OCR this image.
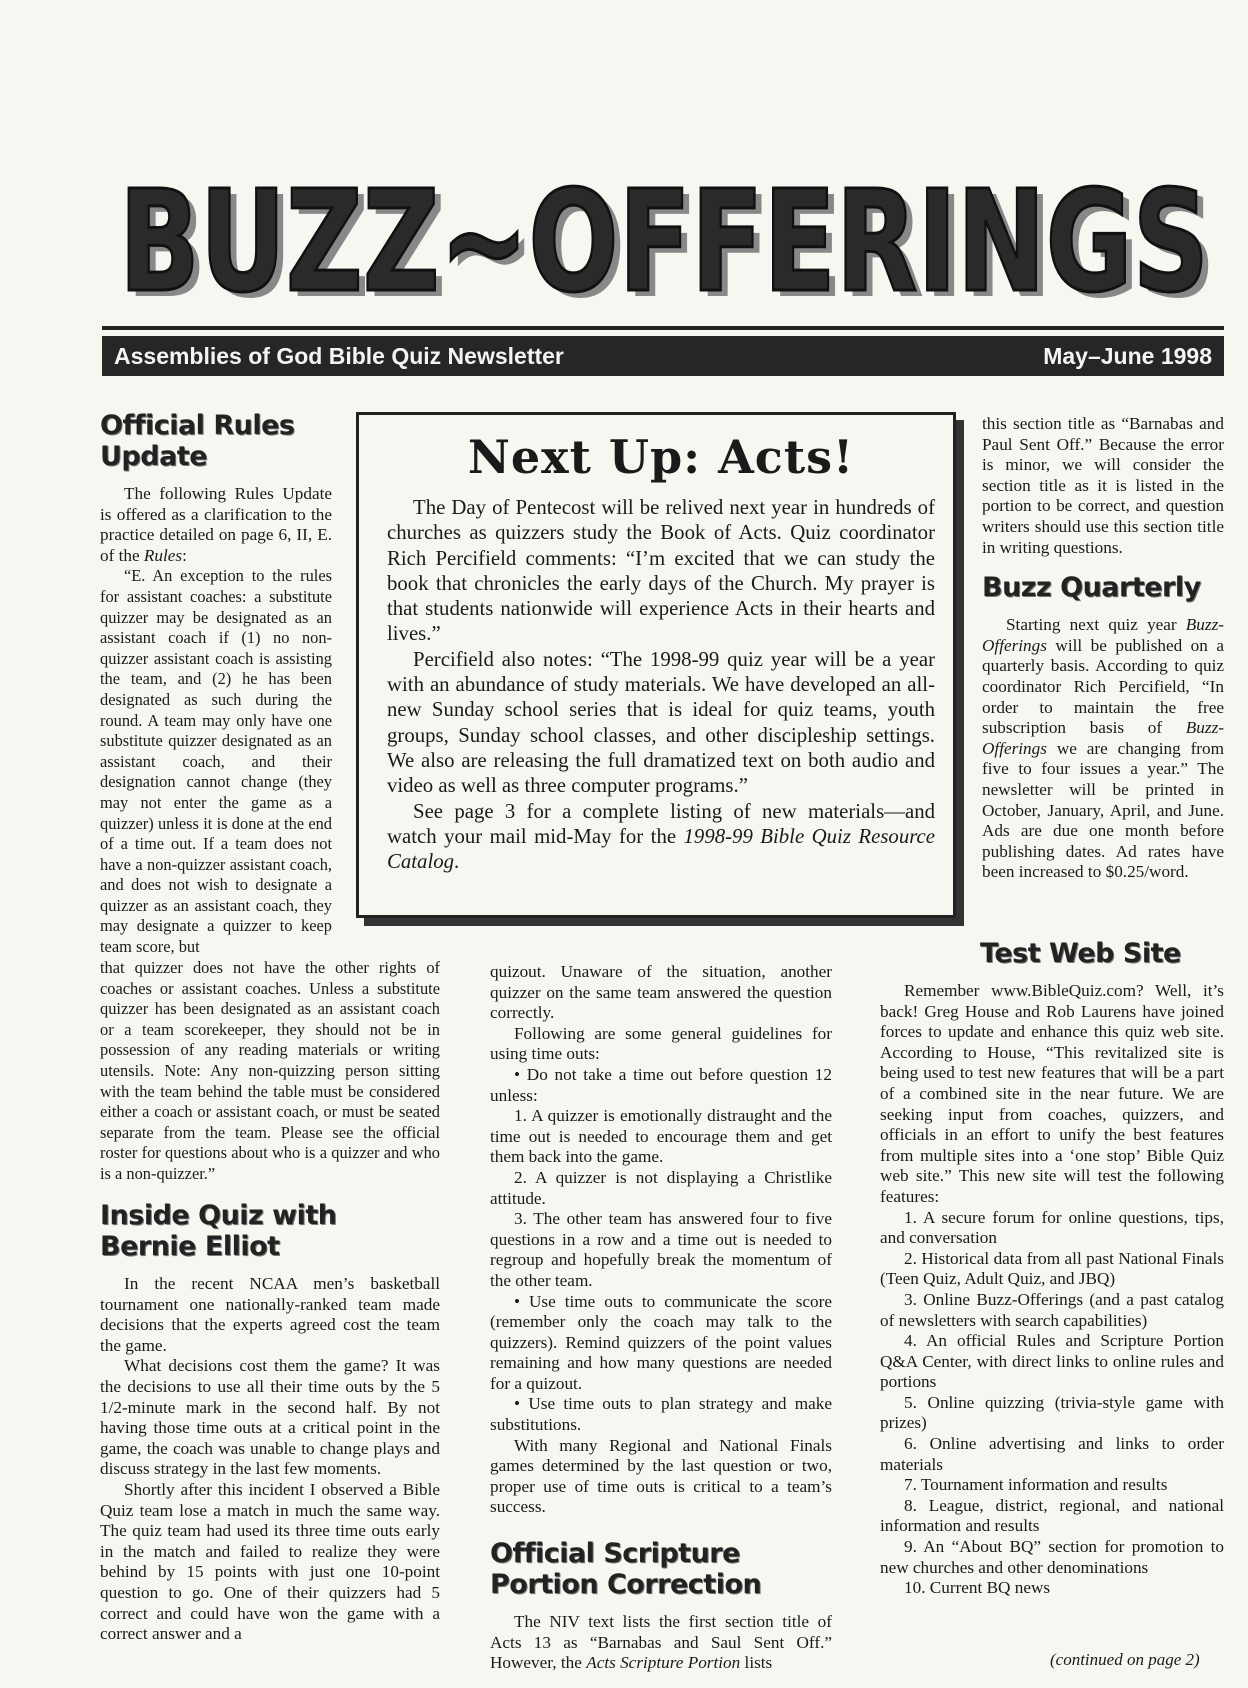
BUZZ~OFFERINGS
BUZZ~OFFERINGS
Assemblies of God Bible Quiz Newsletter	May–June 1998
Official Rules Update

The following Rules Update is offered as a clarification to the practice detailed on page 6, II, E. of the Rules:

“E. An exception to the rules for assistant coaches: a substitute quizzer may be designated as an assistant coach if (1) no non-quizzer assistant coach is assisting the team, and (2) he has been designated as such during the round. A team may only have one substitute quizzer designated as an assistant coach, and their designation cannot change (they may not enter the game as a quizzer) unless it is done at the end of a time out. If a team does not have a non-quizzer assistant coach, and does not wish to designate a quizzer as an assistant coach, they may designate a quizzer to keep team score, but

that quizzer does not have the other rights of coaches or assistant coaches. Unless a substitute quizzer has been designated as an assistant coach or a team scorekeeper, they should not be in possession of any reading materials or writing utensils. Note: Any non-quizzing person sitting with the team behind the table must be considered either a coach or assistant coach, or must be seated separate from the team. Please see the official roster for questions about who is a quizzer and who is a non-quizzer.”

Inside Quiz with Bernie Elliot

In the recent NCAA men’s basketball tournament one nationally-ranked team made decisions that the experts agreed cost the team the game.

What decisions cost them the game? It was the decisions to use all their time outs by the 5 1/2-minute mark in the second half. By not having those time outs at a critical point in the game, the coach was unable to change plays and discuss strategy in the last few moments.

Shortly after this incident I observed a Bible Quiz team lose a match in much the same way. The quiz team had used its three time outs early in the match and failed to realize they were behind by 15 points with just one 10-point question to go. One of their quizzers had 5 correct and could have won the game with a correct answer and a

Next Up: Acts!

The Day of Pentecost will be relived next year in hundreds of churches as quizzers study the Book of Acts. Quiz coordinator Rich Percifield comments: “I’m excited that we can study the book that chronicles the early days of the Church. My prayer is that students nationwide will experience Acts in their hearts and lives.”

Percifield also notes: “The 1998-99 quiz year will be a year with an abundance of study materials. We have developed an all-new Sunday school series that is ideal for quiz teams, youth groups, Sunday school classes, and other discipleship settings. We also are releasing the full dramatized text on both audio and video as well as three computer programs.”

See page 3 for a complete listing of new materials—and watch your mail mid-May for the 1998-99 Bible Quiz Resource Catalog.

quizout. Unaware of the situation, another quizzer on the same team answered the question correctly.

Following are some general guidelines for using time outs:

• Do not take a time out before question 12 unless:

1. A quizzer is emotionally distraught and the time out is needed to encourage them and get them back into the game.

2. A quizzer is not displaying a Christlike attitude.

3. The other team has answered four to five questions in a row and a time out is needed to regroup and hopefully break the momentum of the other team.

• Use time outs to communicate the score (remember only the coach may talk to the quizzers). Remind quizzers of the point values remaining and how many questions are needed for a quizout.

• Use time outs to plan strategy and make substitutions.

With many Regional and National Finals games determined by the last question or two, proper use of time outs is critical to a team’s success.

Official Scripture Portion Correction

The NIV text lists the first section title of Acts 13 as “Barnabas and Saul Sent Off.” However, the Acts Scripture Portion lists

this section title as “Barnabas and Paul Sent Off.” Because the error is minor, we will consider the section title as it is listed in the portion to be correct, and question writers should use this section title in writing questions.

Buzz Quarterly

Starting next quiz year Buzz-Offerings will be published on a quarterly basis. According to quiz coordinator Rich Percifield, “In order to maintain the free subscription basis of Buzz-Offerings we are changing from five to four issues a year.” The newsletter will be printed in October, January, April, and June. Ads are due one month before publishing dates. Ad rates have been increased to $0.25/word.

Test Web Site

Remember www.BibleQuiz.com? Well, it’s back! Greg House and Rob Laurens have joined forces to update and enhance this quiz web site. According to House, “This revitalized site is being used to test new features that will be a part of a combined site in the near future. We are seeking input from coaches, quizzers, and officials in an effort to unify the best features from multiple sites into a ‘one stop’ Bible Quiz web site.” This new site will test the following features:

1. A secure forum for online questions, tips, and conversation

2. Historical data from all past National Finals (Teen Quiz, Adult Quiz, and JBQ)

3. Online Buzz-Offerings (and a past catalog of newsletters with search capabilities)

4. An official Rules and Scripture Portion Q&A Center, with direct links to online rules and portions

5. Online quizzing (trivia-style game with prizes)

6. Online advertising and links to order materials

7. Tournament information and results

8. League, district, regional, and national information and results

9. An “About BQ” section for promotion to new churches and other denominations

10. Current BQ news

(continued on page 2)
